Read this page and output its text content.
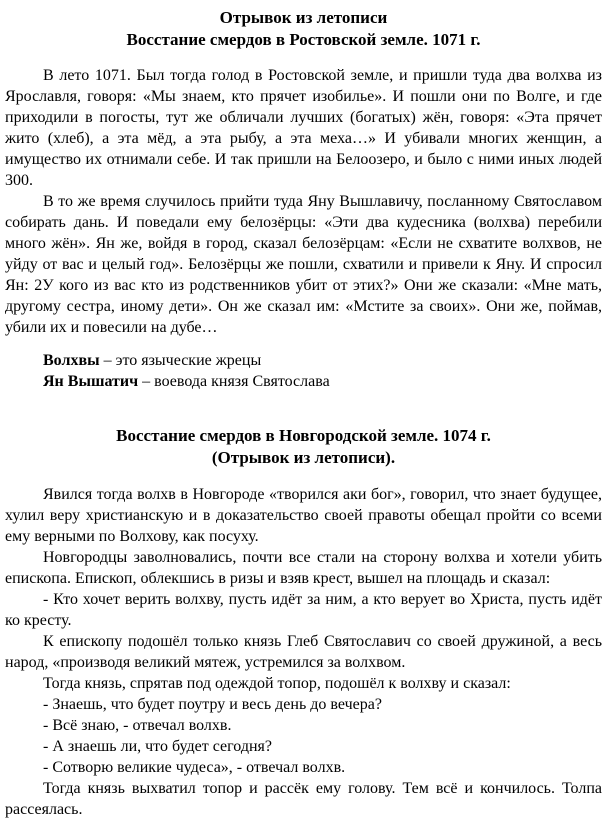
Отрывок из летописи
Восстание смердов в Ростовской земле. 1071 г.

В лето 1071. Был тогда голод в Ростовской земле, и пришли туда два волхва из Ярославля, говоря: «Мы знаем, кто прячет изобилье». И пошли они по Волге, и где приходили в погосты, тут же обличали лучших (богатых) жён, говоря: «Эта прячет жито (хлеб), а эта мёд, а эта рыбу, а эта меха…» И убивали многих женщин, а имущество их отнимали себе. И так пришли на Белоозеро, и было с ними иных людей 300.

В то же время случилось прийти туда Яну Вышлавичу, посланному Святославом собирать дань. И поведали ему белозёрцы: «Эти два кудесника (волхва) перебили много жён». Ян же, войдя в город, сказал белозёрцам: «Если не схватите волхвов, не уйду от вас и целый год». Белозёрцы же пошли, схватили и привели к Яну. И спросил Ян: 2У кого из вас кто из родственников убит от этих?» Они же сказали: «Мне мать, другому сестра, иному дети». Он же сказал им: «Мстите за своих». Они же, поймав, убили их и повесили на дубе…

Волхвы – это языческие жрецы

Ян Вышатич – воевода князя Святослава

Восстание смердов в Новгородской земле. 1074 г.
(Отрывок из летописи).

Явился тогда волхв в Новгороде «творился аки бог», говорил, что знает будущее, хулил веру христианскую и в доказательство своей правоты обещал пройти со всеми ему верными по Волхову, как посуху.

Новгородцы заволновались, почти все стали на сторону волхва и хотели убить епископа. Епископ, облекшись в ризы и взяв крест, вышел на площадь и сказал:

- Кто хочет верить волхву, пусть идёт за ним, а кто верует во Христа, пусть идёт ко кресту.

К епископу подошёл только князь Глеб Святославич со своей дружиной, а весь народ, «производя великий мятеж, устремился за волхвом.

Тогда князь, спрятав под одеждой топор, подошёл к волхву и сказал:

- Знаешь, что будет поутру и весь день до вечера?

- Всё знаю, - отвечал волхв.

- А знаешь ли, что будет сегодня?

- Сотворю великие чудеса», - отвечал волхв.

Тогда князь выхватил топор и рассёк ему голову. Тем всё и кончилось. Толпа рассеялась.
